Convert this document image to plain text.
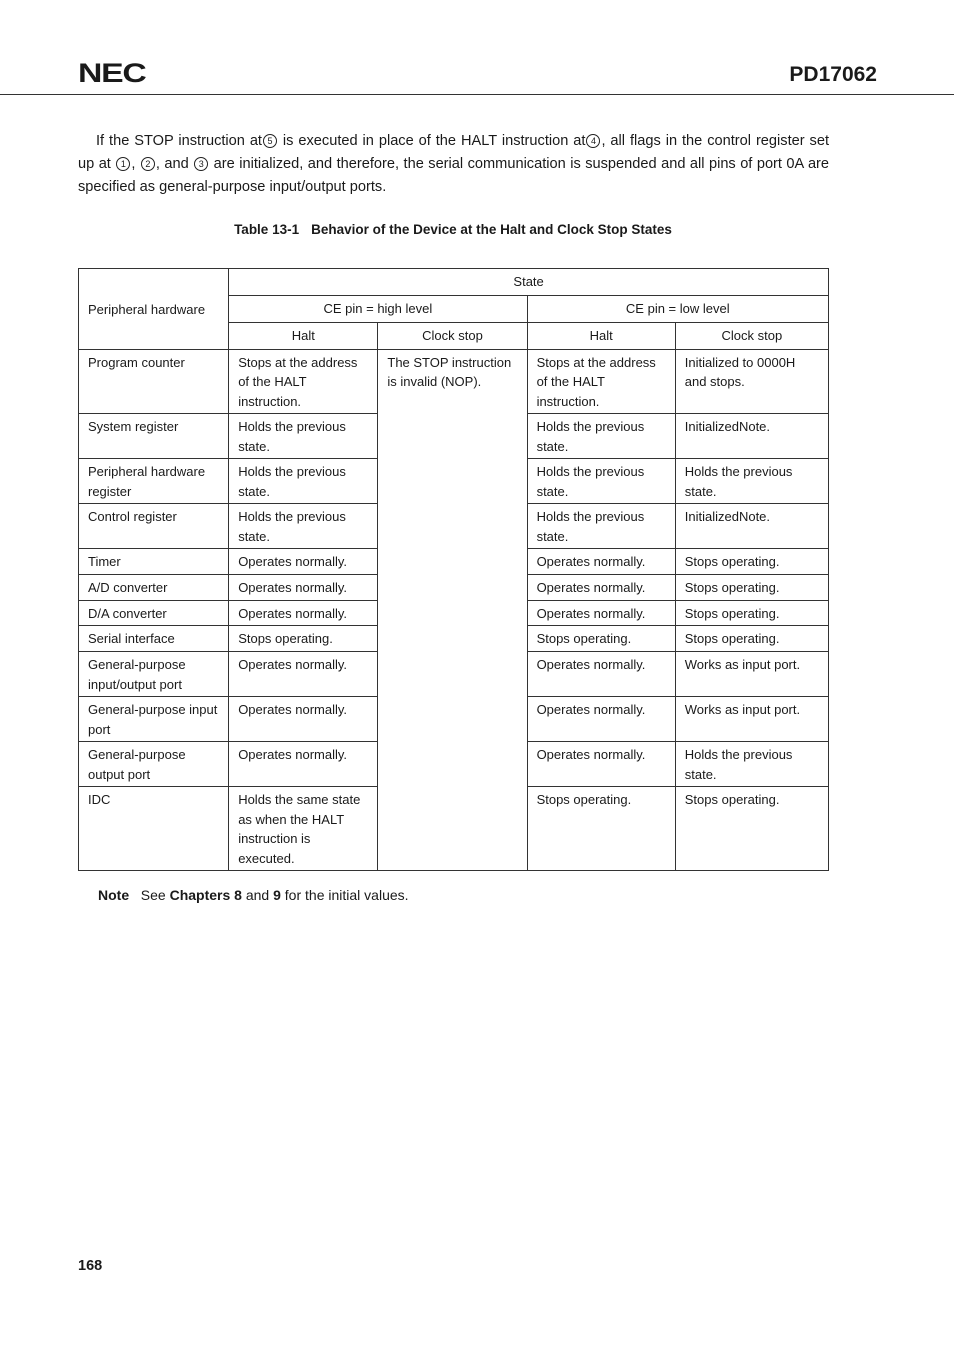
NEC	PD17062
If the STOP instruction at 5 is executed in place of the HALT instruction at 4 , all flags in the control register set up at 1 , 2 , and 3 are initialized, and therefore, the serial communication is suspended and all pins of port 0A are specified as general-purpose input/output ports.
Table 13-1 Behavior of the Device at the Halt and Clock Stop States
Peripheral hardware	State			
	CE pin = high level		CE pin = low level	
	Halt	Clock stop	Halt	Clock stop
Program counter	Stops at the address of the HALT instruction.	The STOP instruction is invalid (NOP).	Stops at the address of the HALT instruction.	Initialized to 0000H and stops.
System register	Holds the previous state.		Holds the previous state.	InitializedNote.
Peripheral hardware register	Holds the previous state.		Holds the previous state.	Holds the previous state.
Control register	Holds the previous state.		Holds the previous state.	InitializedNote.
Timer	Operates normally.		Operates normally.	Stops operating.
A/D converter	Operates normally.		Operates normally.	Stops operating.
D/A converter	Operates normally.		Operates normally.	Stops operating.
Serial interface	Stops operating.		Stops operating.	Stops operating.
General-purpose input/output port	Operates normally.		Operates normally.	Works as input port.
General-purpose input port	Operates normally.		Operates normally.	Works as input port.
General-purpose output port	Operates normally.		Operates normally.	Holds the previous state.
IDC	Holds the same state as when the HALT instruction is executed.		Stops operating.	Stops operating.
Note See Chapters 8 and 9 for the initial values.
168
